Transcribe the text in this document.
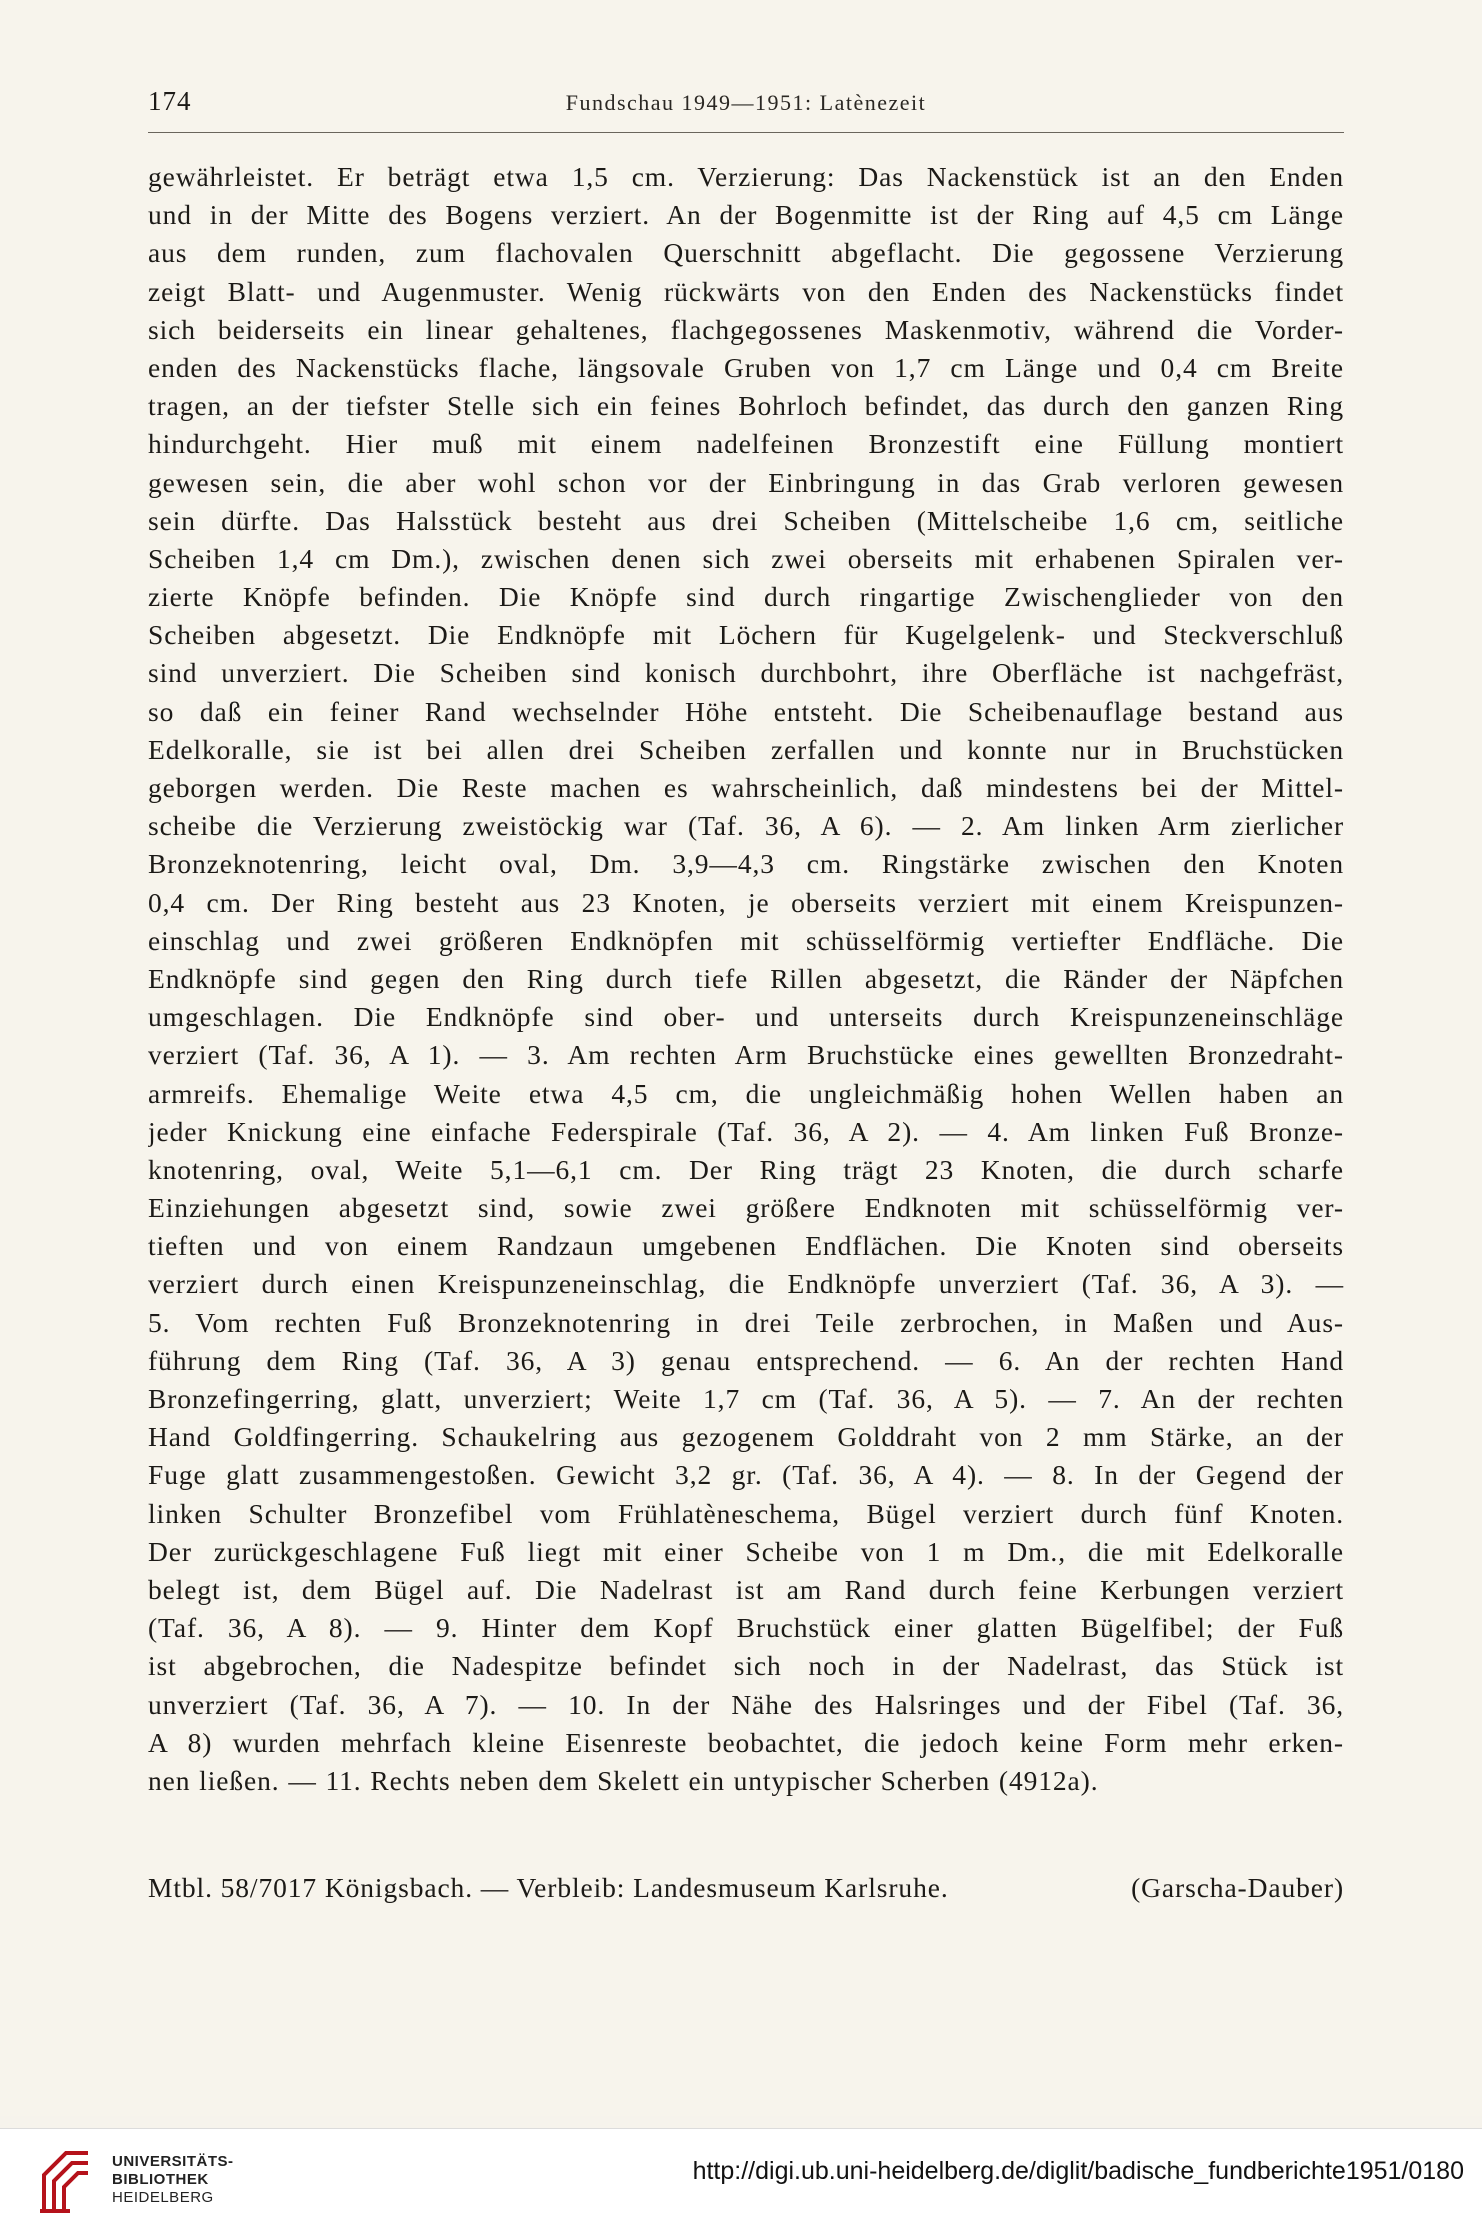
174	Fundschau 1949—1951: Latènezeit
gewährleistet. Er beträgt etwa 1,5 cm. Verzierung: Das Nackenstück ist an den Enden
und in der Mitte des Bogens verziert. An der Bogenmitte ist der Ring auf 4,5 cm Länge
aus dem runden, zum flachovalen Querschnitt abgeflacht. Die gegossene Verzierung
zeigt Blatt- und Augenmuster. Wenig rückwärts von den Enden des Nackenstücks findet
sich beiderseits ein linear gehaltenes, flachgegossenes Maskenmotiv, während die Vorder-
enden des Nackenstücks flache, längsovale Gruben von 1,7 cm Länge und 0,4 cm Breite
tragen, an der tiefster Stelle sich ein feines Bohrloch befindet, das durch den ganzen Ring
hindurchgeht. Hier muß mit einem nadelfeinen Bronzestift eine Füllung montiert
gewesen sein, die aber wohl schon vor der Einbringung in das Grab verloren gewesen
sein dürfte. Das Halsstück besteht aus drei Scheiben (Mittelscheibe 1,6 cm, seitliche
Scheiben 1,4 cm Dm.), zwischen denen sich zwei oberseits mit erhabenen Spiralen ver-
zierte Knöpfe befinden. Die Knöpfe sind durch ringartige Zwischenglieder von den
Scheiben abgesetzt. Die Endknöpfe mit Löchern für Kugelgelenk- und Steckverschluß
sind unverziert. Die Scheiben sind konisch durchbohrt, ihre Oberfläche ist nachgefräst,
so daß ein feiner Rand wechselnder Höhe entsteht. Die Scheibenauflage bestand aus
Edelkoralle, sie ist bei allen drei Scheiben zerfallen und konnte nur in Bruchstücken
geborgen werden. Die Reste machen es wahrscheinlich, daß mindestens bei der Mittel-
scheibe die Verzierung zweistöckig war (Taf. 36, A 6). — 2. Am linken Arm zierlicher
Bronzeknotenring, leicht oval, Dm. 3,9—4,3 cm. Ringstärke zwischen den Knoten
0,4 cm. Der Ring besteht aus 23 Knoten, je oberseits verziert mit einem Kreispunzen-
einschlag und zwei größeren Endknöpfen mit schüsselförmig vertiefter Endfläche. Die
Endknöpfe sind gegen den Ring durch tiefe Rillen abgesetzt, die Ränder der Näpfchen
umgeschlagen. Die Endknöpfe sind ober- und unterseits durch Kreispunzeneinschläge
verziert (Taf. 36, A 1). — 3. Am rechten Arm Bruchstücke eines gewellten Bronzedraht-
armreifs. Ehemalige Weite etwa 4,5 cm, die ungleichmäßig hohen Wellen haben an
jeder Knickung eine einfache Federspirale (Taf. 36, A 2). — 4. Am linken Fuß Bronze-
knotenring, oval, Weite 5,1—6,1 cm. Der Ring trägt 23 Knoten, die durch scharfe
Einziehungen abgesetzt sind, sowie zwei größere Endknoten mit schüsselförmig ver-
tieften und von einem Randzaun umgebenen Endflächen. Die Knoten sind oberseits
verziert durch einen Kreispunzeneinschlag, die Endknöpfe unverziert (Taf. 36, A 3). —
5. Vom rechten Fuß Bronzeknotenring in drei Teile zerbrochen, in Maßen und Aus-
führung dem Ring (Taf. 36, A 3) genau entsprechend. — 6. An der rechten Hand
Bronzefingerring, glatt, unverziert; Weite 1,7 cm (Taf. 36, A 5). — 7. An der rechten
Hand Goldfingerring. Schaukelring aus gezogenem Golddraht von 2 mm Stärke, an der
Fuge glatt zusammengestoßen. Gewicht 3,2 gr. (Taf. 36, A 4). — 8. In der Gegend der
linken Schulter Bronzefibel vom Frühlatèneschema, Bügel verziert durch fünf Knoten.
Der zurückgeschlagene Fuß liegt mit einer Scheibe von 1 m Dm., die mit Edelkoralle
belegt ist, dem Bügel auf. Die Nadelrast ist am Rand durch feine Kerbungen verziert
(Taf. 36, A 8). — 9. Hinter dem Kopf Bruchstück einer glatten Bügelfibel; der Fuß
ist abgebrochen, die Nadespitze befindet sich noch in der Nadelrast, das Stück ist
unverziert (Taf. 36, A 7). — 10. In der Nähe des Halsringes und der Fibel (Taf. 36,
A 8) wurden mehrfach kleine Eisenreste beobachtet, die jedoch keine Form mehr erken-
nen ließen. — 11. Rechts neben dem Skelett ein untypischer Scherben (4912a).
Mtbl. 58/7017 Königsbach. — Verbleib: Landesmuseum Karlsruhe.	(Garscha-Dauber)
UNIVERSITÄTS-
BIBLIOTHEK
HEIDELBERG
http://digi.ub.uni-heidelberg.de/diglit/badische_fundberichte1951/0180
